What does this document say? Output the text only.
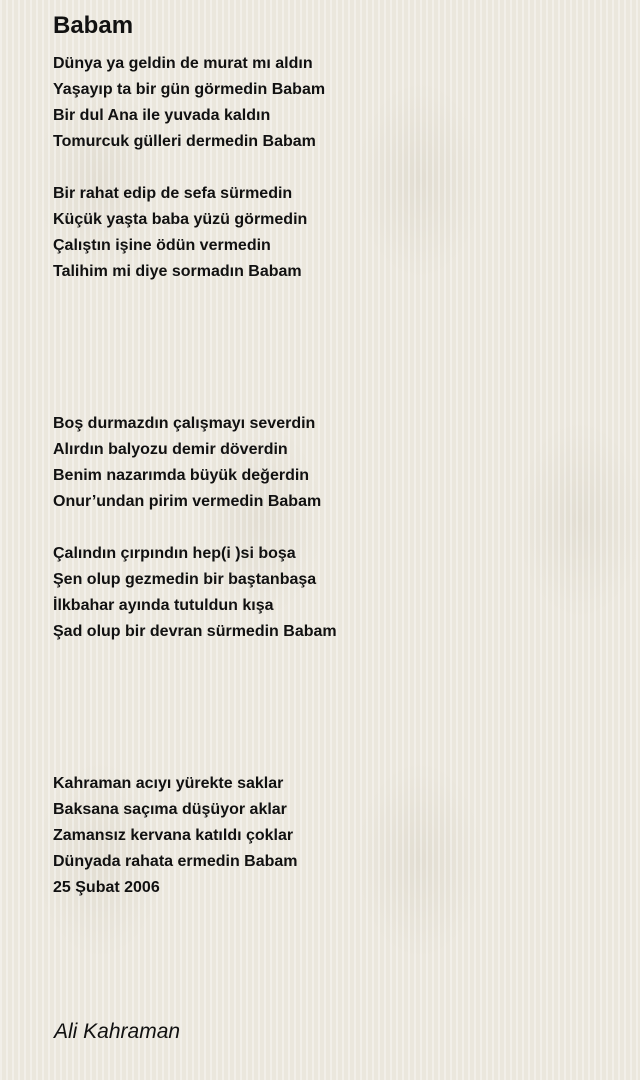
Babam
Dünya ya geldin de murat mı aldın
Yaşayıp ta bir gün görmedin Babam
Bir dul Ana ile yuvada kaldın
Tomurcuk gülleri dermedin Babam
Bir rahat edip de sefa sürmedin
Küçük yaşta baba yüzü görmedin
Çalıştın işine ödün vermedin
Talihim mi diye sormadın Babam
Boş durmazdın çalışmayı severdin
Alırdın balyozu demir döverdin
Benim nazarımda büyük değerdin
Onur’undan pirim vermedin Babam
Çalındın çırpındın hep(i )si boşa
Şen olup gezmedin bir baştanbaşa
İlkbahar ayında tutuldun kışa
Şad olup bir devran sürmedin Babam
Kahraman acıyı yürekte saklar
Baksana saçıma düşüyor aklar
Zamansız kervana katıldı çoklar
Dünyada rahata ermedin Babam
25 Şubat 2006
Ali Kahraman
